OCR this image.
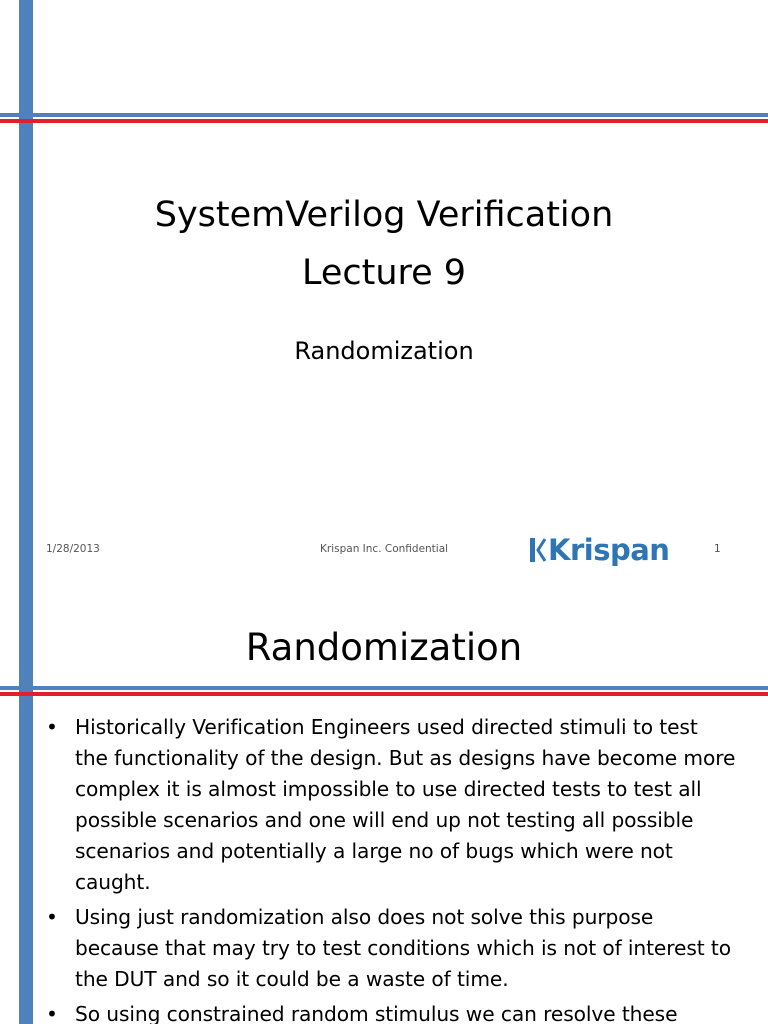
SystemVerilog Verification
Lecture 9

Randomization

1/28/2013	Krispan Inc. Confidential	Krispan	1
Randomization
• Historically Verification Engineers used directed stimuli to test the functionality of the design. But as designs have become more complex it is almost impossible to use directed tests to test all possible scenarios and one will end up not testing all possible scenarios and potentially a large no of bugs which were not caught.
• Using just randomization also does not solve this purpose because that may try to test conditions which is not of interest to the DUT and so it could be a waste of time.
• So using constrained random stimulus we can resolve these
